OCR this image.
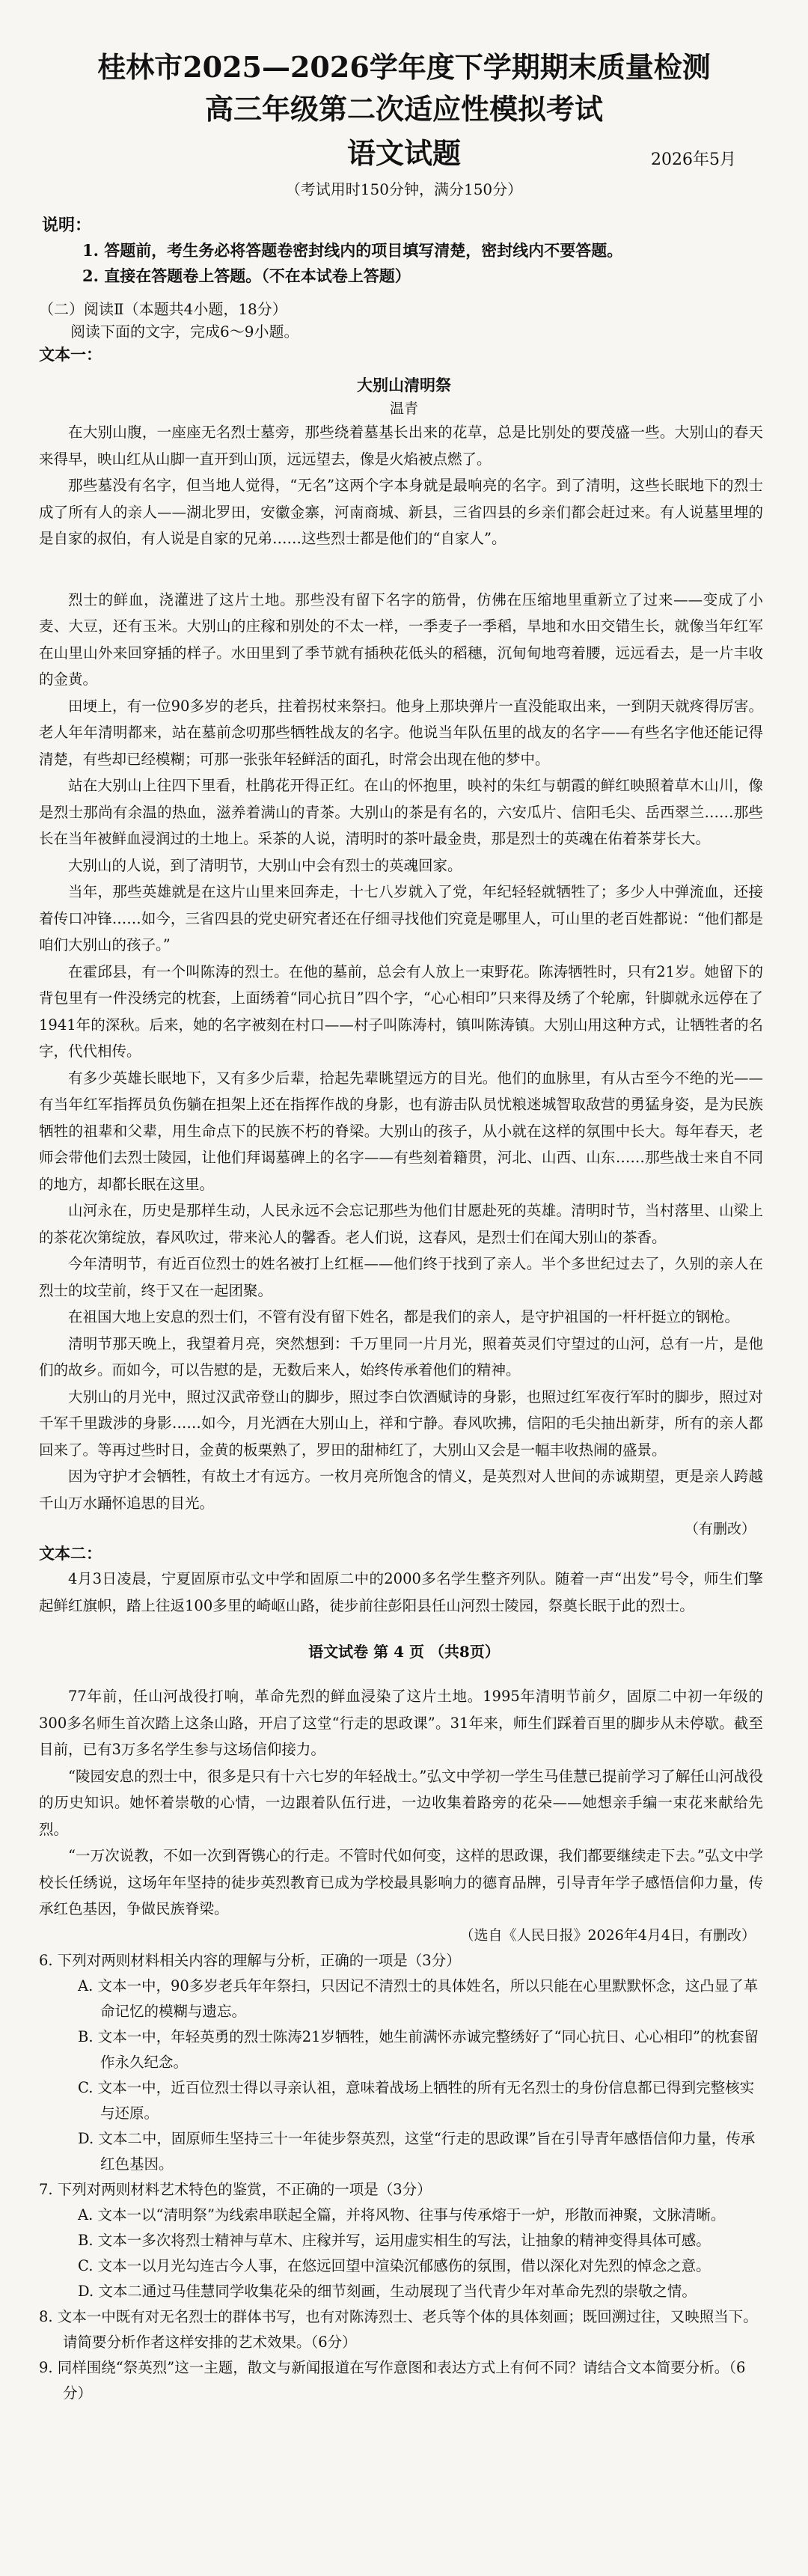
桂林市2025—2026学年度下学期期末质量检测
高三年级第二次适应性模拟考试
语文试题	2026年5月
（考试用时150分钟，满分150分）
说明：
1. 答题前，考生务必将答题卷密封线内的项目填写清楚，密封线内不要答题。
2. 直接在答题卷上答题。（不在本试卷上答题）
（二）阅读Ⅱ（本题共4小题，18分）
阅读下面的文字，完成6～9小题。
文本一：
大别山清明祭
温青
在大别山腹，一座座无名烈士墓旁，那些绕着墓基长出来的花草，总是比别处的要茂盛一些。大别山的春天来得早，映山红从山脚一直开到山顶，远远望去，像是火焰被点燃了。
那些墓没有名字，但当地人觉得，“无名”这两个字本身就是最响亮的名字。到了清明，这些长眠地下的烈士成了所有人的亲人——湖北罗田，安徽金寨，河南商城、新县，三省四县的乡亲们都会赶过来。有人说墓里埋的是自家的叔伯，有人说是自家的兄弟……这些烈士都是他们的“自家人”。
烈士的鲜血，浇灌进了这片土地。那些没有留下名字的筋骨，仿佛在压缩地里重新立了过来——变成了小麦、大豆，还有玉米。大别山的庄稼和别处的不太一样，一季麦子一季稻，旱地和水田交错生长，就像当年红军在山里山外来回穿插的样子。水田里到了季节就有插秧花低头的稻穗，沉甸甸地弯着腰，远远看去，是一片丰收的金黄。
田埂上，有一位90多岁的老兵，拄着拐杖来祭扫。他身上那块弹片一直没能取出来，一到阴天就疼得厉害。老人年年清明都来，站在墓前念叨那些牺牲战友的名字。他说当年队伍里的战友的名字——有些名字他还能记得清楚，有些却已经模糊；可那一张张年轻鲜活的面孔，时常会出现在他的梦中。
站在大别山上往四下里看，杜鹃花开得正红。在山的怀抱里，映衬的朱红与朝霞的鲜红映照着草木山川，像是烈士那尚有余温的热血，滋养着满山的青茶。大别山的茶是有名的，六安瓜片、信阳毛尖、岳西翠兰……那些长在当年被鲜血浸润过的土地上。采茶的人说，清明时的茶叶最金贵，那是烈士的英魂在佑着茶芽长大。
大别山的人说，到了清明节，大别山中会有烈士的英魂回家。
当年，那些英雄就是在这片山里来回奔走，十七八岁就入了党，年纪轻轻就牺牲了；多少人中弹流血，还接着传口冲锋……如今，三省四县的党史研究者还在仔细寻找他们究竟是哪里人，可山里的老百姓都说：“他们都是咱们大别山的孩子。”
在霍邱县，有一个叫陈涛的烈士。在他的墓前，总会有人放上一束野花。陈涛牺牲时，只有21岁。她留下的背包里有一件没绣完的枕套，上面绣着“同心抗日”四个字，“心心相印”只来得及绣了个轮廓，针脚就永远停在了1941年的深秋。后来，她的名字被刻在村口——村子叫陈涛村，镇叫陈涛镇。大别山用这种方式，让牺牲者的名字，代代相传。
有多少英雄长眠地下，又有多少后辈，拾起先辈眺望远方的目光。他们的血脉里，有从古至今不绝的光——有当年红军指挥员负伤躺在担架上还在指挥作战的身影，也有游击队员忧粮迷城智取敌营的勇猛身姿，是为民族牺牲的祖辈和父辈，用生命点下的民族不朽的脊梁。大别山的孩子，从小就在这样的氛围中长大。每年春天，老师会带他们去烈士陵园，让他们拜谒墓碑上的名字——有些刻着籍贯，河北、山西、山东……那些战士来自不同的地方，却都长眠在这里。
山河永在，历史是那样生动，人民永远不会忘记那些为他们甘愿赴死的英雄。清明时节，当村落里、山梁上的茶花次第绽放，春风吹过，带来沁人的馨香。老人们说，这春风，是烈士们在闻大别山的茶香。
今年清明节，有近百位烈士的姓名被打上红框——他们终于找到了亲人。半个多世纪过去了，久别的亲人在烈士的坟茔前，终于又在一起团聚。
在祖国大地上安息的烈士们，不管有没有留下姓名，都是我们的亲人，是守护祖国的一杆杆挺立的钢枪。
清明节那天晚上，我望着月亮，突然想到：千万里同一片月光，照着英灵们守望过的山河，总有一片，是他们的故乡。而如今，可以告慰的是，无数后来人，始终传承着他们的精神。
大别山的月光中，照过汉武帝登山的脚步，照过李白饮酒赋诗的身影，也照过红军夜行军时的脚步，照过对千军千里跋涉的身影……如今，月光洒在大别山上，祥和宁静。春风吹拂，信阳的毛尖抽出新芽，所有的亲人都回来了。等再过些时日，金黄的板栗熟了，罗田的甜柿红了，大别山又会是一幅丰收热闹的盛景。
因为守护才会牺牲，有故土才有远方。一枚月亮所饱含的情义，是英烈对人世间的赤诚期望，更是亲人跨越千山万水踊怀追思的目光。
（有删改）
文本二：
4月3日凌晨，宁夏固原市弘文中学和固原二中的2000多名学生整齐列队。随着一声“出发”号令，师生们擎起鲜红旗帜，踏上往返100多里的崎岖山路，徒步前往彭阳县任山河烈士陵园，祭奠长眠于此的烈士。
语文试卷 第 4 页 （共8页）
77年前，任山河战役打响，革命先烈的鲜血浸染了这片土地。1995年清明节前夕，固原二中初一年级的300多名师生首次踏上这条山路，开启了这堂“行走的思政课”。31年来，师生们踩着百里的脚步从未停歇。截至目前，已有3万多名学生参与这场信仰接力。
“陵园安息的烈士中，很多是只有十六七岁的年轻战士。”弘文中学初一学生马佳慧已提前学习了解任山河战役的历史知识。她怀着崇敬的心情，一边跟着队伍行进，一边收集着路旁的花朵——她想亲手编一束花来献给先烈。
“一万次说教，不如一次到胥镌心的行走。不管时代如何变，这样的思政课，我们都要继续走下去。”弘文中学校长任绣说，这场年年坚持的徒步英烈教育已成为学校最具影响力的德育品牌，引导青年学子感悟信仰力量，传承红色基因，争做民族脊梁。
（选自《人民日报》2026年4月4日，有删改）
6. 下列对两则材料相关内容的理解与分析，正确的一项是（3分）
A. 文本一中，90多岁老兵年年祭扫，只因记不清烈士的具体姓名，所以只能在心里默默怀念，这凸显了革命记忆的模糊与遗忘。
B. 文本一中，年轻英勇的烈士陈涛21岁牺牲，她生前满怀赤诚完整绣好了“同心抗日、心心相印”的枕套留作永久纪念。
C. 文本一中，近百位烈士得以寻亲认祖，意味着战场上牺牲的所有无名烈士的身份信息都已得到完整核实与还原。
D. 文本二中，固原师生坚持三十一年徒步祭英烈，这堂“行走的思政课”旨在引导青年感悟信仰力量，传承红色基因。
7. 下列对两则材料艺术特色的鉴赏，不正确的一项是（3分）
A. 文本一以“清明祭”为线索串联起全篇，并将风物、往事与传承熔于一炉，形散而神聚，文脉清晰。
B. 文本一多次将烈士精神与草木、庄稼并写，运用虚实相生的写法，让抽象的精神变得具体可感。
C. 文本一以月光勾连古今人事，在悠远回望中渲染沉郁感伤的氛围，借以深化对先烈的悼念之意。
D. 文本二通过马佳慧同学收集花朵的细节刻画，生动展现了当代青少年对革命先烈的崇敬之情。
8. 文本一中既有对无名烈士的群体书写，也有对陈涛烈士、老兵等个体的具体刻画；既回溯过往，又映照当下。请简要分析作者这样安排的艺术效果。（6分）
9. 同样围绕“祭英烈”这一主题，散文与新闻报道在写作意图和表达方式上有何不同？请结合文本简要分析。（6分）
